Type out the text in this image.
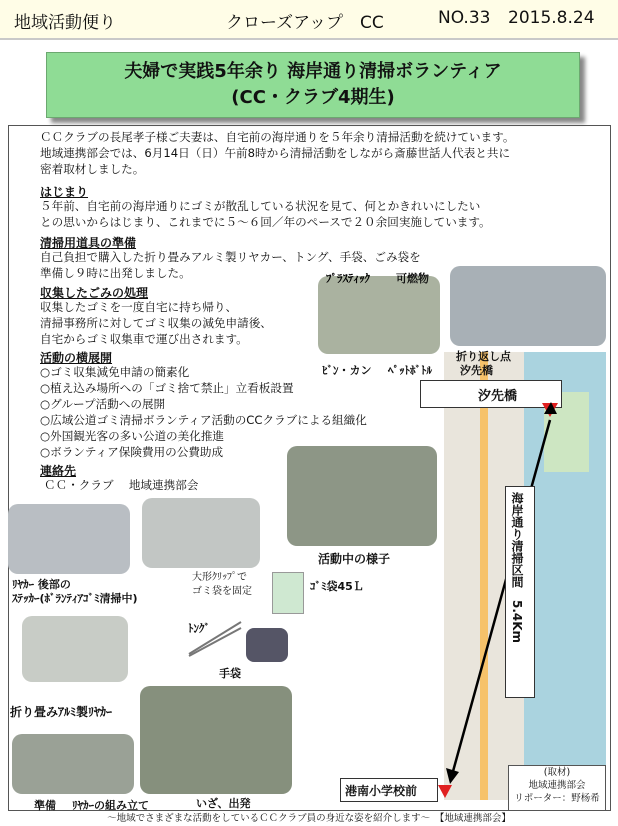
地域活動便り	クローズアップ　CC	NO.33 2015.8.24
夫婦で実践5年余り 海岸通り清掃ボランティア
(CC・クラブ4期生)
ＣＣクラブの長尾孝子様ご夫妻は、自宅前の海岸通りを５年余り清掃活動を続けています。
地域連携部会では、6月14日（日）午前8時から清掃活動をしながら斎藤世話人代表と共に
密着取材しました。
はじまり
５年前、自宅前の海岸通りにゴミが散乱している状況を見て、何とかきれいにしたい
との思いからはじまり、これまでに５～６回／年のペースで２０余回実施しています。
清掃用道具の準備
自己負担で購入した折り畳みアルミ製リヤカー、トング、手袋、ごみ袋を
準備し９時に出発しました。
収集したごみの処理
収集したゴミを一度自宅に持ち帰り、
清掃事務所に対してゴミ収集の減免申請後、
自宅からゴミ収集車で運び出されます。
活動の横展開
○ゴミ収集減免申請の簡素化
○植え込み場所への「ゴミ捨て禁止」立看板設置
○グループ活動への展開
○広域公道ゴミ清掃ボランティア活動のCCクラブによる組織化
○外国観光客の多い公道の美化推進
○ボランティア保険費用の公費助成
連絡先
ＣＣ・クラブ　 地域連携部会
汐先橋
海岸通り清掃区間　5.4Km
港南小学校前
ﾌﾟﾗｽﾃｨｯｸ 可燃物
ﾋﾞﾝ・カン ﾍﾟｯﾄﾎﾞﾄﾙ
折り返し点
汐先橋
活動中の様子
ﾘﾔｶｰ 後部の
ｽﾃｯｶｰ(ﾎﾞﾗﾝﾃｨｱｺﾞﾐ清掃中)
大形ｸﾘｯﾌﾟで
ゴミ袋を固定	ｺﾞﾐ袋45Ｌ
ﾄﾝｸﾞ
手袋
折り畳みｱﾙﾐ製ﾘﾔｶｰ
いざ、出発
準備 ﾘﾔｶｰの組み立て
(取材)
地域連携部会
リポーター：野杨希
～地域でさまざまな活動をしているＣＣクラブ員の身近な姿を紹介します～　【地域連携部会】
